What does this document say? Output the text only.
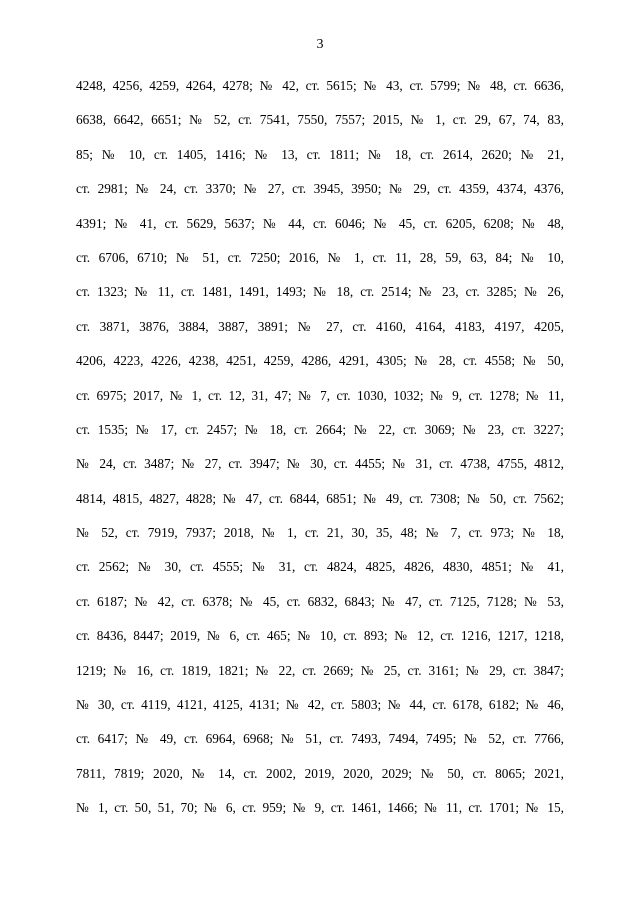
3
4248, 4256, 4259, 4264, 4278; № 42, ст. 5615; № 43, ст. 5799; № 48, ст. 6636,
6638, 6642, 6651; № 52, ст. 7541, 7550, 7557; 2015, № 1, ст. 29, 67, 74, 83,
85; № 10, ст. 1405, 1416; № 13, ст. 1811; № 18, ст. 2614, 2620; № 21,
ст. 2981; № 24, ст. 3370; № 27, ст. 3945, 3950; № 29, ст. 4359, 4374, 4376,
4391; № 41, ст. 5629, 5637; № 44, ст. 6046; № 45, ст. 6205, 6208; № 48,
ст. 6706, 6710; № 51, ст. 7250; 2016, № 1, ст. 11, 28, 59, 63, 84; № 10,
ст. 1323; № 11, ст. 1481, 1491, 1493; № 18, ст. 2514; № 23, ст. 3285; № 26,
ст. 3871, 3876, 3884, 3887, 3891; № 27, ст. 4160, 4164, 4183, 4197, 4205,
4206, 4223, 4226, 4238, 4251, 4259, 4286, 4291, 4305; № 28, ст. 4558; № 50,
ст. 6975; 2017, № 1, ст. 12, 31, 47; № 7, ст. 1030, 1032; № 9, ст. 1278; № 11,
ст. 1535; № 17, ст. 2457; № 18, ст. 2664; № 22, ст. 3069; № 23, ст. 3227;
№ 24, ст. 3487; № 27, ст. 3947; № 30, ст. 4455; № 31, ст. 4738, 4755, 4812,
4814, 4815, 4827, 4828; № 47, ст. 6844, 6851; № 49, ст. 7308; № 50, ст. 7562;
№ 52, ст. 7919, 7937; 2018, № 1, ст. 21, 30, 35, 48; № 7, ст. 973; № 18,
ст. 2562; № 30, ст. 4555; № 31, ст. 4824, 4825, 4826, 4830, 4851; № 41,
ст. 6187; № 42, ст. 6378; № 45, ст. 6832, 6843; № 47, ст. 7125, 7128; № 53,
ст. 8436, 8447; 2019, № 6, ст. 465; № 10, ст. 893; № 12, ст. 1216, 1217, 1218,
1219; № 16, ст. 1819, 1821; № 22, ст. 2669; № 25, ст. 3161; № 29, ст. 3847;
№ 30, ст. 4119, 4121, 4125, 4131; № 42, ст. 5803; № 44, ст. 6178, 6182; № 46,
ст. 6417; № 49, ст. 6964, 6968; № 51, ст. 7493, 7494, 7495; № 52, ст. 7766,
7811, 7819; 2020, № 14, ст. 2002, 2019, 2020, 2029; № 50, ст. 8065; 2021,
№ 1, ст. 50, 51, 70; № 6, ст. 959; № 9, ст. 1461, 1466; № 11, ст. 1701; № 15,
